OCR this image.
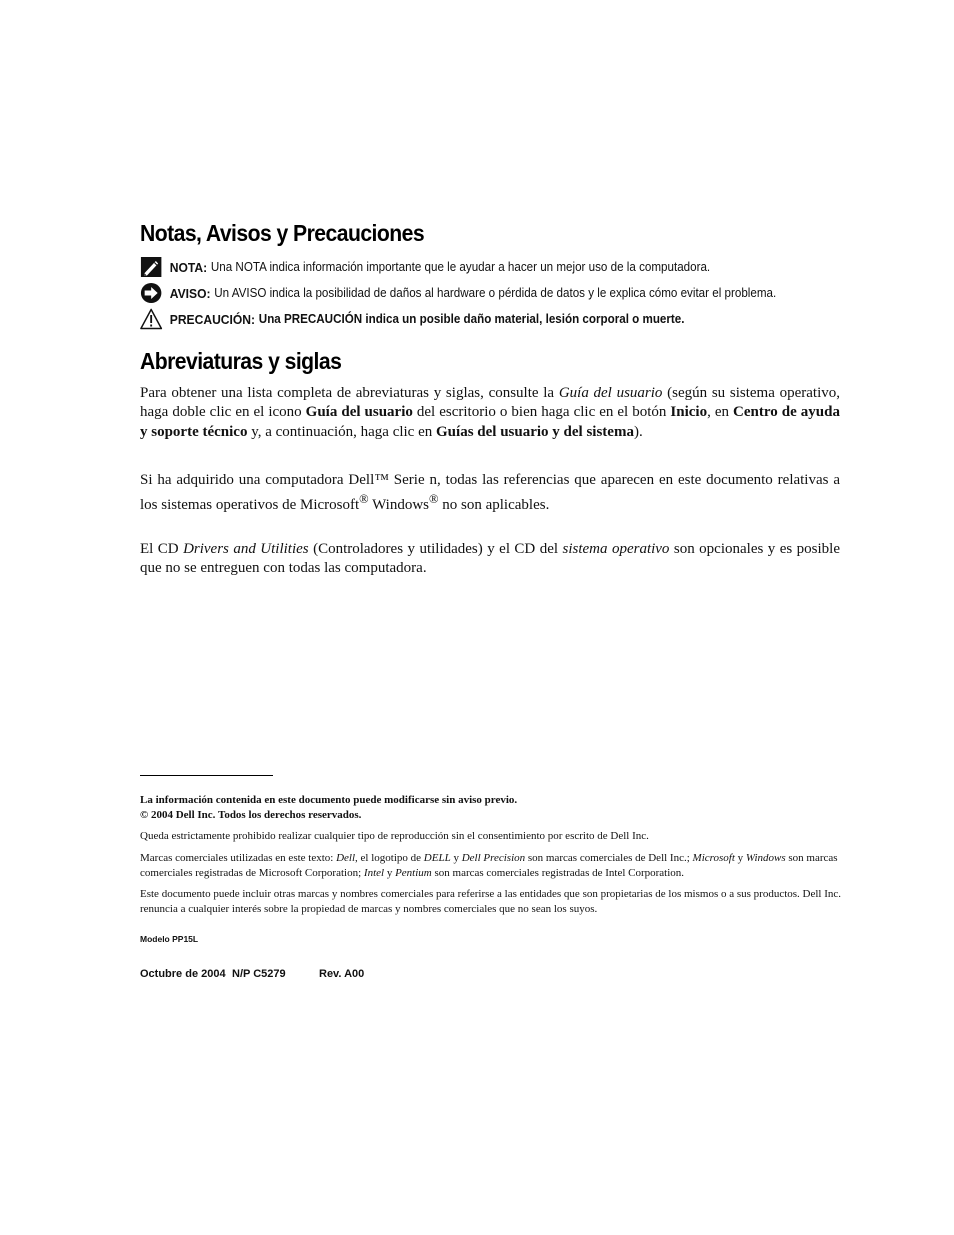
Notas, Avisos y Precauciones
NOTA: Una NOTA indica información importante que le ayudar a hacer un mejor uso de la computadora.
AVISO: Un AVISO indica la posibilidad de daños al hardware o pérdida de datos y le explica cómo evitar el problema.
PRECAUCIÓN: Una PRECAUCIÓN indica un posible daño material, lesión corporal o muerte.
Abreviaturas y siglas

Para obtener una lista completa de abreviaturas y siglas, consulte la Guía del usuario (según su sistema operativo, haga doble clic en el icono Guía del usuario del escritorio o bien haga clic en el botón Inicio, en Centro de ayuda y soporte técnico y, a continuación, haga clic en Guías del usuario y del sistema).

Si ha adquirido una computadora Dell™ Serie n, todas las referencias que aparecen en este documento relativas a los sistemas operativos de Microsoft® Windows® no son aplicables.

El CD Drivers and Utilities (Controladores y utilidades) y el CD del sistema operativo son opcionales y es posible que no se entreguen con todas las computadora.

La información contenida en este documento puede modificarse sin aviso previo.
© 2004 Dell Inc. Todos los derechos reservados.

Queda estrictamente prohibido realizar cualquier tipo de reproducción sin el consentimiento por escrito de Dell Inc.

Marcas comerciales utilizadas en este texto: Dell, el logotipo de DELL y Dell Precision son marcas comerciales de Dell Inc.; Microsoft y Windows son marcas comerciales registradas de Microsoft Corporation; Intel y Pentium son marcas comerciales registradas de Intel Corporation.

Este documento puede incluir otras marcas y nombres comerciales para referirse a las entidades que son propietarias de los mismos o a sus productos. Dell Inc. renuncia a cualquier interés sobre la propiedad de marcas y nombres comerciales que no sean los suyos.

Modelo PP15L

Octubre de 2004 N/P C5279	Rev. A00
